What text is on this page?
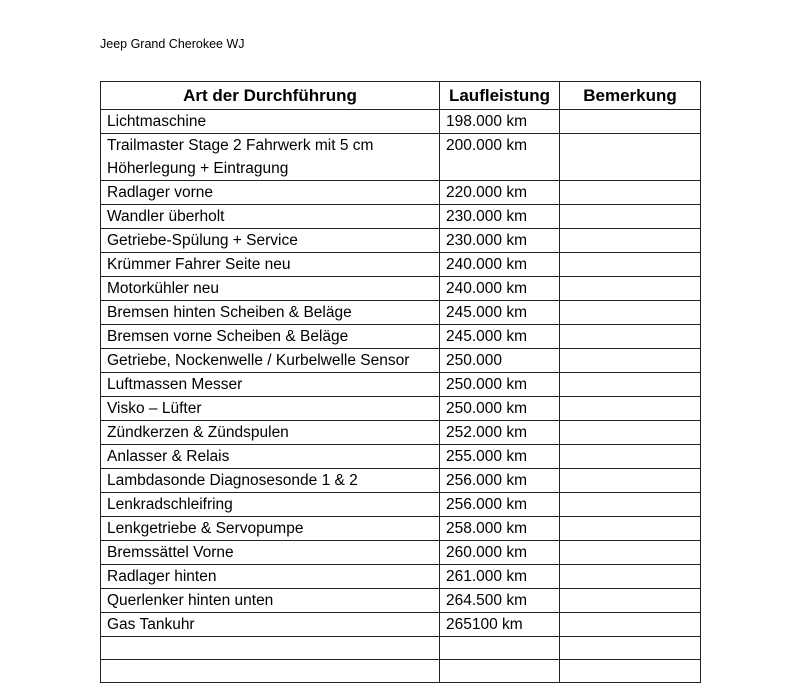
Jeep Grand Cherokee WJ
Art der Durchführung	Laufleistung	Bemerkung
Lichtmaschine	198.000 km	
Trailmaster Stage 2 Fahrwerk mit 5 cm Höherlegung + Eintragung	200.000 km	
Radlager vorne	220.000 km	
Wandler überholt	230.000 km	
Getriebe-Spülung + Service	230.000 km	
Krümmer Fahrer Seite neu	240.000 km	
Motorkühler neu	240.000 km	
Bremsen hinten Scheiben & Beläge	245.000 km	
Bremsen vorne Scheiben & Beläge	245.000 km	
Getriebe, Nockenwelle / Kurbelwelle Sensor	250.000	
Luftmassen Messer	250.000 km	
Visko – Lüfter	250.000 km	
Zündkerzen & Zündspulen	252.000 km	
Anlasser & Relais	255.000 km	
Lambdasonde Diagnosesonde 1 & 2	256.000 km	
Lenkradschleifring	256.000 km	
Lenkgetriebe & Servopumpe	258.000 km	
Bremssättel Vorne	260.000 km	
Radlager hinten	261.000 km	
Querlenker hinten unten	264.500 km	
Gas Tankuhr	265100 km	
